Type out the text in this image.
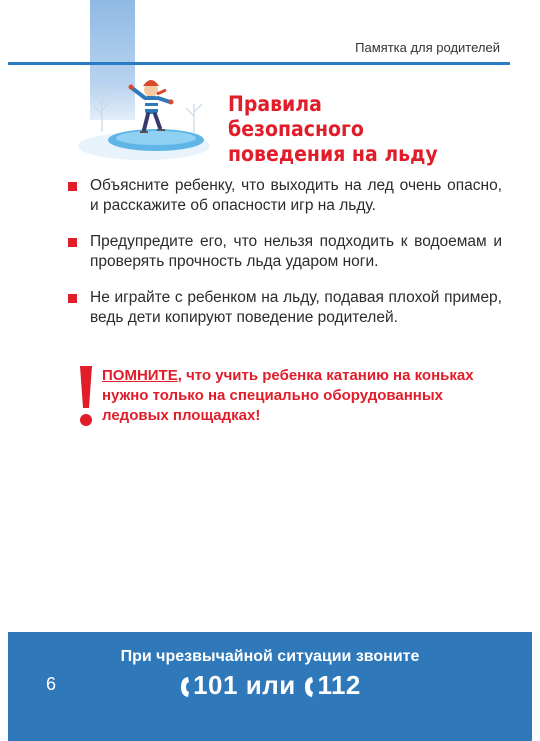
Памятка для родителей
Правила безопасного
поведения на льду
Объясните ребенку, что выходить на лед очень опасно, и расскажите об опасности игр на льду.
Предупредите его, что нельзя подходить к водоемам и проверять прочность льда ударом ноги.
Не играйте с ребенком на льду, подавая плохой пример, ведь дети копируют поведение родителей.
ПОМНИТЕ, что учить ребенка катанию на коньках нужно только на специально оборудованных ледовых площадках!
6
При чрезвычайной ситуации звоните
101 или 112
